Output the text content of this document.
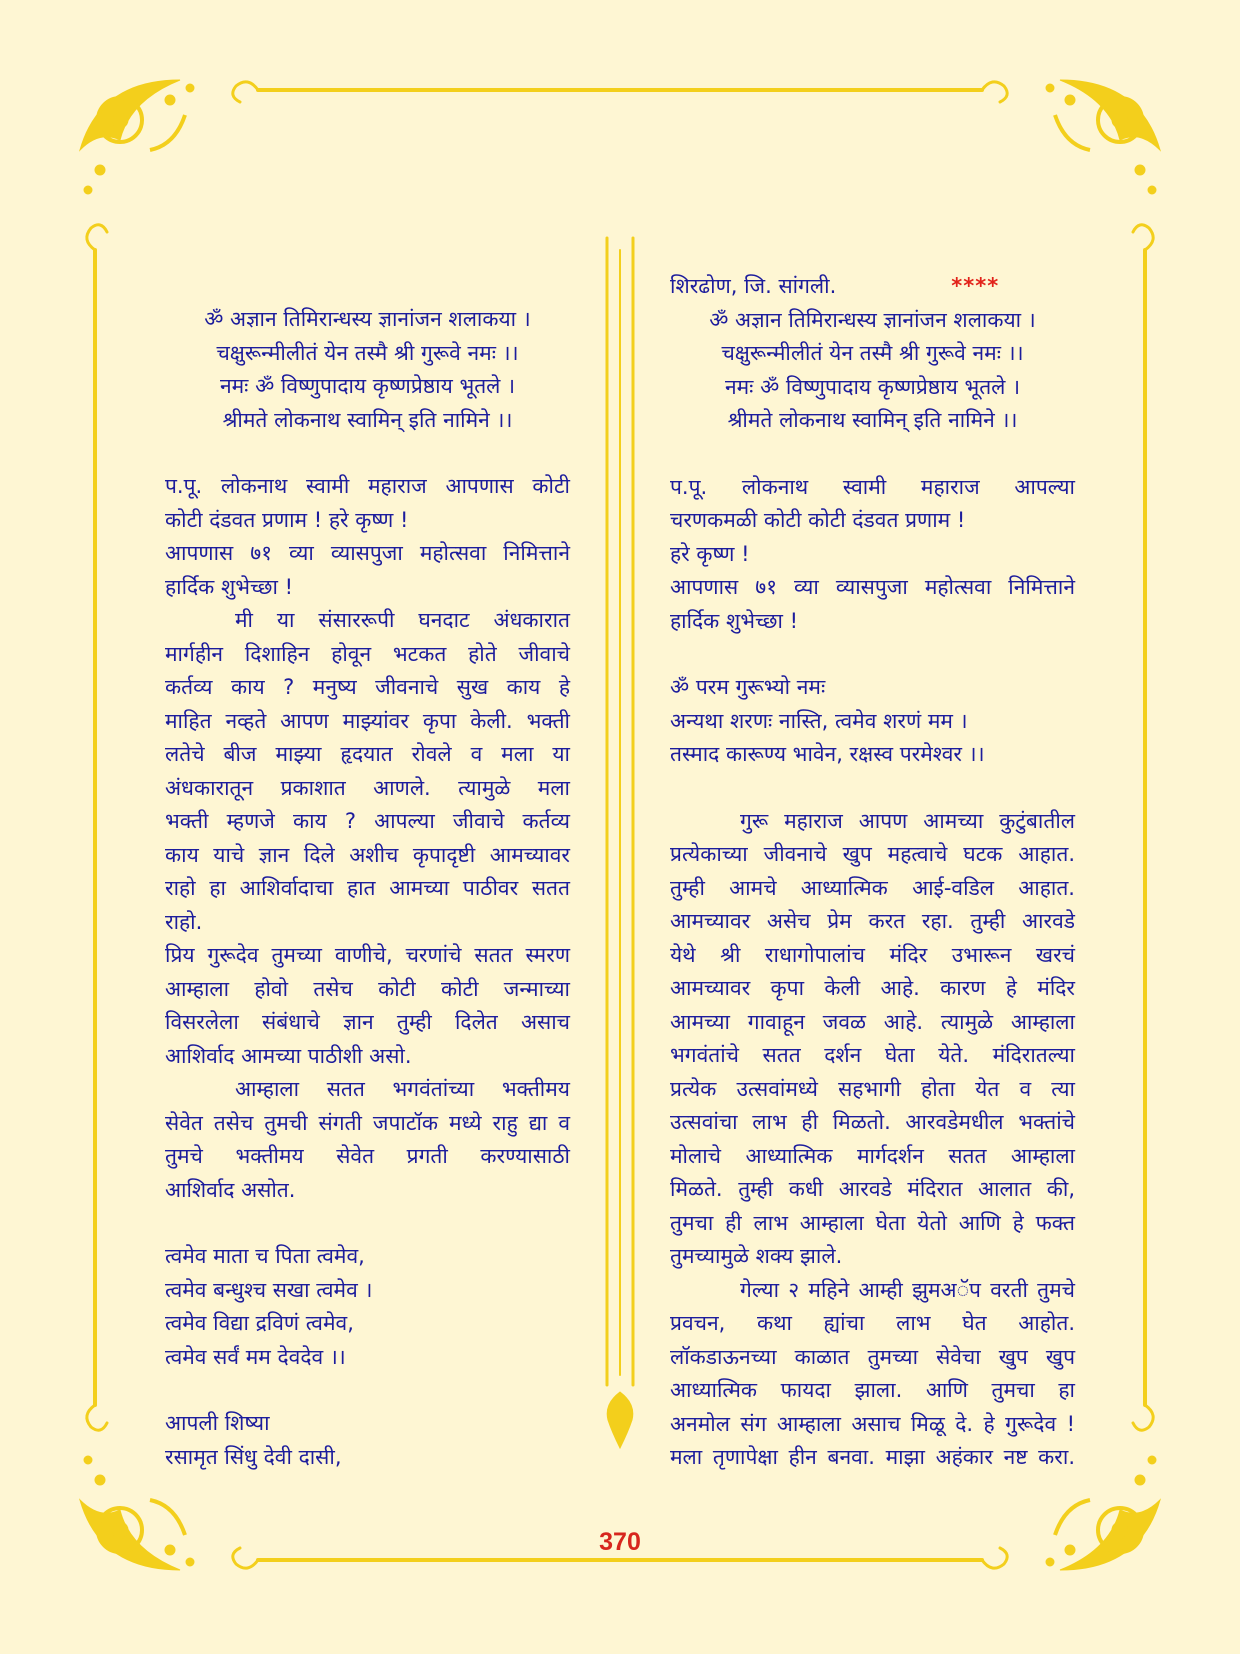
ॐ अज्ञान तिमिरान्धस्य ज्ञानांजन शलाकया ।

चक्षुरून्मीलीतं येन तस्मै श्री गुरूवे नमः ।।

नमः ॐ विष्णुपादाय कृष्णप्रेष्ठाय भूतले ।

श्रीमते लोकनाथ स्वामिन् इति नामिने ।।

प.पू. लोकनाथ स्वामी महाराज आपणास कोटी

कोटी दंडवत प्रणाम ! हरे कृष्ण !

आपणास ७१ व्या व्यासपुजा महोत्सवा निमित्ताने

हार्दिक शुभेच्छा !

मी या संसाररूपी घनदाट अंधकारात

मार्गहीन दिशाहिन होवून भटकत होते जीवाचे

कर्तव्य काय ? मनुष्य जीवनाचे सुख काय हे

माहित नव्हते आपण माझ्यांवर कृपा केली. भक्ती

लतेचे बीज माझ्या हृदयात रोवले व मला या

अंधकारातून प्रकाशात आणले. त्यामुळे मला

भक्ती म्हणजे काय ? आपल्या जीवाचे कर्तव्य

काय याचे ज्ञान दिले अशीच कृपादृष्टी आमच्यावर

राहो हा आशिर्वादाचा हात आमच्या पाठीवर सतत

राहो.

प्रिय गुरूदेव तुमच्या वाणीचे, चरणांचे सतत स्मरण

आम्हाला होवो तसेच कोटी कोटी जन्माच्या

विसरलेला संबंधाचे ज्ञान तुम्ही दिलेत असाच

आशिर्वाद आमच्या पाठीशी असो.

आम्हाला सतत भगवंतांच्या भक्तीमय

सेवेत तसेच तुमची संगती जपाटॉक मध्ये राहु द्या व

तुमचे भक्तीमय सेवेत प्रगती करण्यासाठी

आशिर्वाद असोत.

त्वमेव माता च पिता त्वमेव,

त्वमेव बन्धुश्च सखा त्वमेव ।

त्वमेव विद्या द्रविणं त्वमेव,

त्वमेव सर्वं मम देवदेव ।।

आपली शिष्या

रसामृत सिंधु देवी दासी,

शिरढोण, जि. सांगली.	****

ॐ अज्ञान तिमिरान्धस्य ज्ञानांजन शलाकया ।

चक्षुरून्मीलीतं येन तस्मै श्री गुरूवे नमः ।।

नमः ॐ विष्णुपादाय कृष्णप्रेष्ठाय भूतले ।

श्रीमते लोकनाथ स्वामिन् इति नामिने ।।

प.पू. लोकनाथ स्वामी महाराज आपल्या

चरणकमळी कोटी कोटी दंडवत प्रणाम !

हरे कृष्ण !

आपणास ७१ व्या व्यासपुजा महोत्सवा निमित्ताने

हार्दिक शुभेच्छा !

ॐ परम गुरूभ्यो नमः

अन्यथा शरणः नास्ति, त्वमेव शरणं मम ।

तस्माद कारूण्य भावेन, रक्षस्व परमेश्वर ।।

गुरू महाराज आपण आमच्या कुटुंबातील

प्रत्येकाच्या जीवनाचे खुप महत्वाचे घटक आहात.

तुम्ही आमचे आध्यात्मिक आई-वडिल आहात.

आमच्यावर असेच प्रेम करत रहा. तुम्ही आरवडे

येथे श्री राधागोपालांच मंदिर उभारून खरचं

आमच्यावर कृपा केली आहे. कारण हे मंदिर

आमच्या गावाहून जवळ आहे. त्यामुळे आम्हाला

भगवंतांचे सतत दर्शन घेता येते. मंदिरातल्या

प्रत्येक उत्सवांमध्ये सहभागी होता येत व त्या

उत्सवांचा लाभ ही मिळतो. आरवडेमधील भक्तांचे

मोलाचे आध्यात्मिक मार्गदर्शन सतत आम्हाला

मिळते. तुम्ही कधी आरवडे मंदिरात आलात की,

तुमचा ही लाभ आम्हाला घेता येतो आणि हे फक्त

तुमच्यामुळे शक्य झाले.

गेल्या २ महिने आम्ही झुमअॅप वरती तुमचे

प्रवचन, कथा ह्यांचा लाभ घेत आहोत.

लॉकडाऊनच्या काळात तुमच्या सेवेचा खुप खुप

आध्यात्मिक फायदा झाला. आणि तुमचा हा

अनमोल संग आम्हाला असाच मिळू दे. हे गुरूदेव !

मला तृणापेक्षा हीन बनवा. माझा अहंकार नष्ट करा.

370
